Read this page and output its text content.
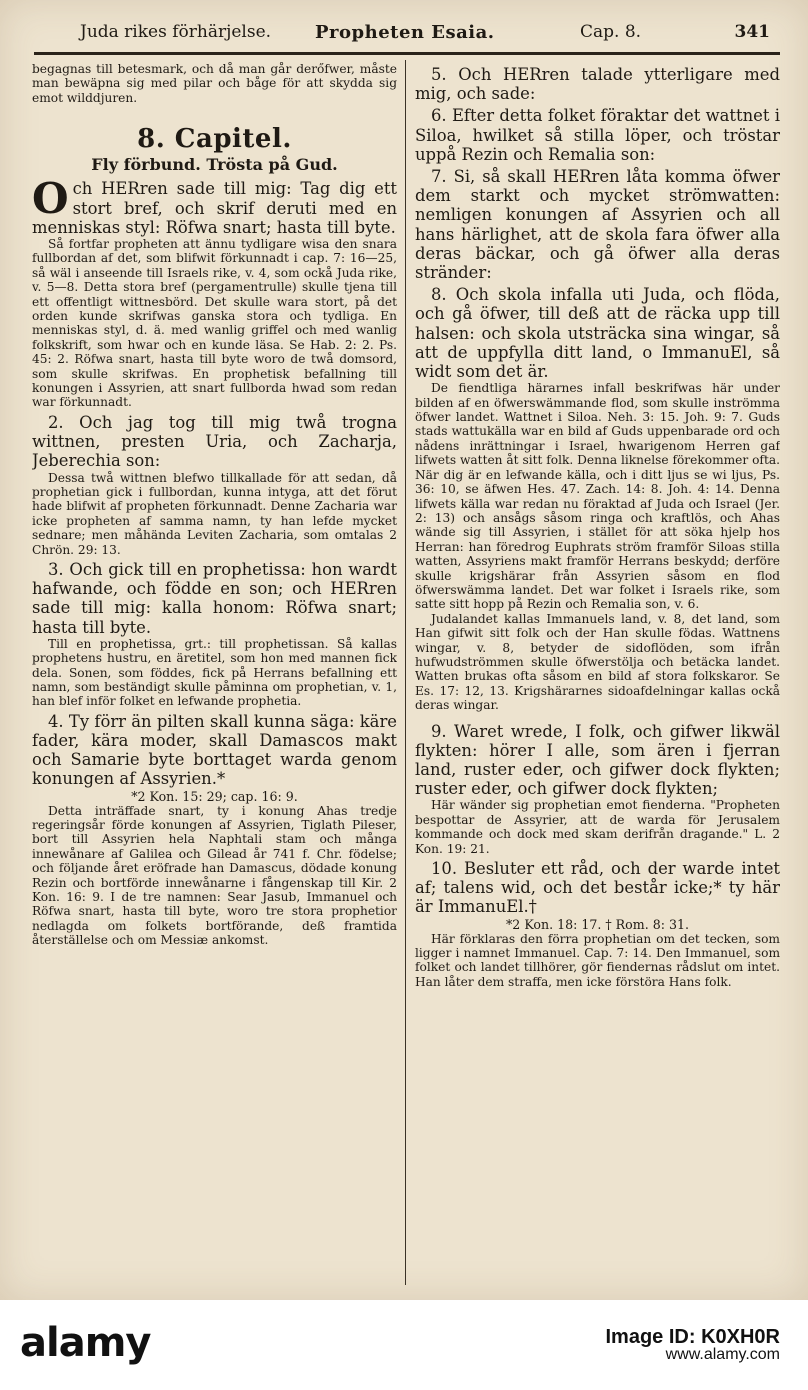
Juda rikes förhärjelse. Propheten Esaia.	Cap. 8.	341

begagnas till betesmark, och då man går derőfwer, måste man bewäpna sig med pilar och båge för att skydda sig emot wilddjuren.

8. Capitel.

Fly förbund. Trösta på Gud.

O ch HERren sade till mig: Tag dig ett stort bref, och skrif deruti med en menniskas styl: Röfwa snart; hasta till byte.

Så fortfar propheten att ännu tydligare wisa den snara fullbordan af det, som blifwit förkunnadt i cap. 7: 16—25, så wäl i anseende till Israels rike, v. 4, som ockå Juda rike, v. 5—8. Detta stora bref (pergamentrulle) skulle tjena till ett offentligt wittnesbörd. Det skulle wara stort, på det orden kunde skrifwas ganska stora och tydliga. En menniskas styl, d. ä. med wanlig griffel och med wanlig folkskrift, som hwar och en kunde läsa. Se Hab. 2: 2. Ps. 45: 2. Röfwa snart, hasta till byte woro de twå domsord, som skulle skrifwas. En prophetisk befallning till konungen i Assyrien, att snart fullborda hwad som redan war förkunnadt.

2. Och jag tog till mig twå trogna wittnen, presten Uria, och Zacharja, Jeberechia son:

Dessa twå wittnen blefwo tillkallade för att sedan, då prophetian gick i fullbordan, kunna intyga, att det förut hade blifwit af propheten förkunnadt. Denne Zacharia war icke propheten af samma namn, ty han lefde mycket sednare; men måhända Leviten Zacharia, som omtalas 2 Chrön. 29: 13.

3. Och gick till en prophetissa: hon wardt hafwande, och födde en son; och HERren sade till mig: kalla honom: Röfwa snart; hasta till byte.

Till en prophetissa, grt.: till prophetissan. Så kallas prophetens hustru, en äretitel, som hon med mannen fick dela. Sonen, som föddes, fick på Herrans befallning ett namn, som beständigt skulle påminna om prophetian, v. 1, han blef inför folket en lefwande prophetia.

4. Ty förr än pilten skall kunna säga: käre fader, kära moder, skall Damascos makt och Samarie byte borttaget warda genom konungen af Assyrien.*

*2 Kon. 15: 29; cap. 16: 9.

Detta inträffade snart, ty i konung Ahas tredje regeringsår förde konungen af Assyrien, Tiglath Pileser, bort till Assyrien hela Naphtali stam och många innewånare af Galilea och Gilead år 741 f. Chr. födelse; och följande året eröfrade han Damascus, dödade konung Rezin och bortförde innewånarne i fångenskap till Kir. 2 Kon. 16: 9. I de tre namnen: Sear Jasub, Immanuel och Röfwa snart, hasta till byte, woro tre stora prophetior nedlagda om folkets bortförande, deß framtida återställelse och om Messiæ ankomst.

5. Och HERren talade ytterligare med mig, och sade:

6. Efter detta folket föraktar det wattnet i Siloa, hwilket så stilla löper, och tröstar uppå Rezin och Remalia son:

7. Si, så skall HERren låta komma öfwer dem starkt och mycket strömwatten: nemligen konungen af Assyrien och all hans härlighet, att de skola fara öfwer alla deras bäckar, och gå öfwer alla deras stränder:

8. Och skola infalla uti Juda, och flöda, och gå öfwer, till deß att de räcka upp till halsen: och skola utsträcka sina wingar, så att de uppfylla ditt land, o ImmanuEl, så widt som det är.

De fiendtliga härarnes infall beskrifwas här under bilden af en öfwerswämmande flod, som skulle inströmma öfwer landet. Wattnet i Siloa. Neh. 3: 15. Joh. 9: 7. Guds stads wattukälla war en bild af Guds uppenbarade ord och nådens inrättningar i Israel, hwarigenom Herren gaf lifwets watten åt sitt folk. Denna liknelse förekommer ofta. När dig är en lefwande källa, och i ditt ljus se wi ljus, Ps. 36: 10, se äfwen Hes. 47. Zach. 14: 8. Joh. 4: 14. Denna lifwets källa war redan nu föraktad af Juda och Israel (Jer. 2: 13) och ansågs såsom ringa och kraftlös, och Ahas wände sig till Assyrien, i stället för att söka hjelp hos Herran: han föredrog Euphrats ström framför Siloas stilla watten, Assyriens makt framför Herrans beskydd; derföre skulle krigshärar från Assyrien såsom en flod öfwerswämma landet. Det war folket i Israels rike, som satte sitt hopp på Rezin och Remalia son, v. 6.

Judalandet kallas Immanuels land, v. 8, det land, som Han gifwit sitt folk och der Han skulle födas. Wattnens wingar, v. 8, betyder de sidoflöden, som ifrån hufwudströmmen skulle öfwerstölja och betäcka landet. Watten brukas ofta såsom en bild af stora folkskaror. Se Es. 17: 12, 13. Krigshärarnes sidoafdelningar kallas ockå deras wingar.

9. Waret wrede, I folk, och gifwer likwäl flykten: hörer I alle, som ären i fjerran land, ruster eder, och gifwer dock flykten; ruster eder, och gifwer dock flykten;

Här wänder sig prophetian emot fienderna. "Propheten bespottar de Assyrier, att de warda för Jerusalem kommande och dock med skam derifrån dragande." L. 2 Kon. 19: 21.

10. Besluter ett råd, och der warde intet af; talens wid, och det består icke;* ty här är ImmanuEl.†

*2 Kon. 18: 17. † Rom. 8: 31.

Här förklaras den förra prophetian om det tecken, som ligger i namnet Immanuel. Cap. 7: 14. Den Immanuel, som folket och landet tillhörer, gör fiendernas rådslut om intet. Han låter dem straffa, men icke förstöra Hans folk.

alamy	Image ID: K0XH0R
www.alamy.com
